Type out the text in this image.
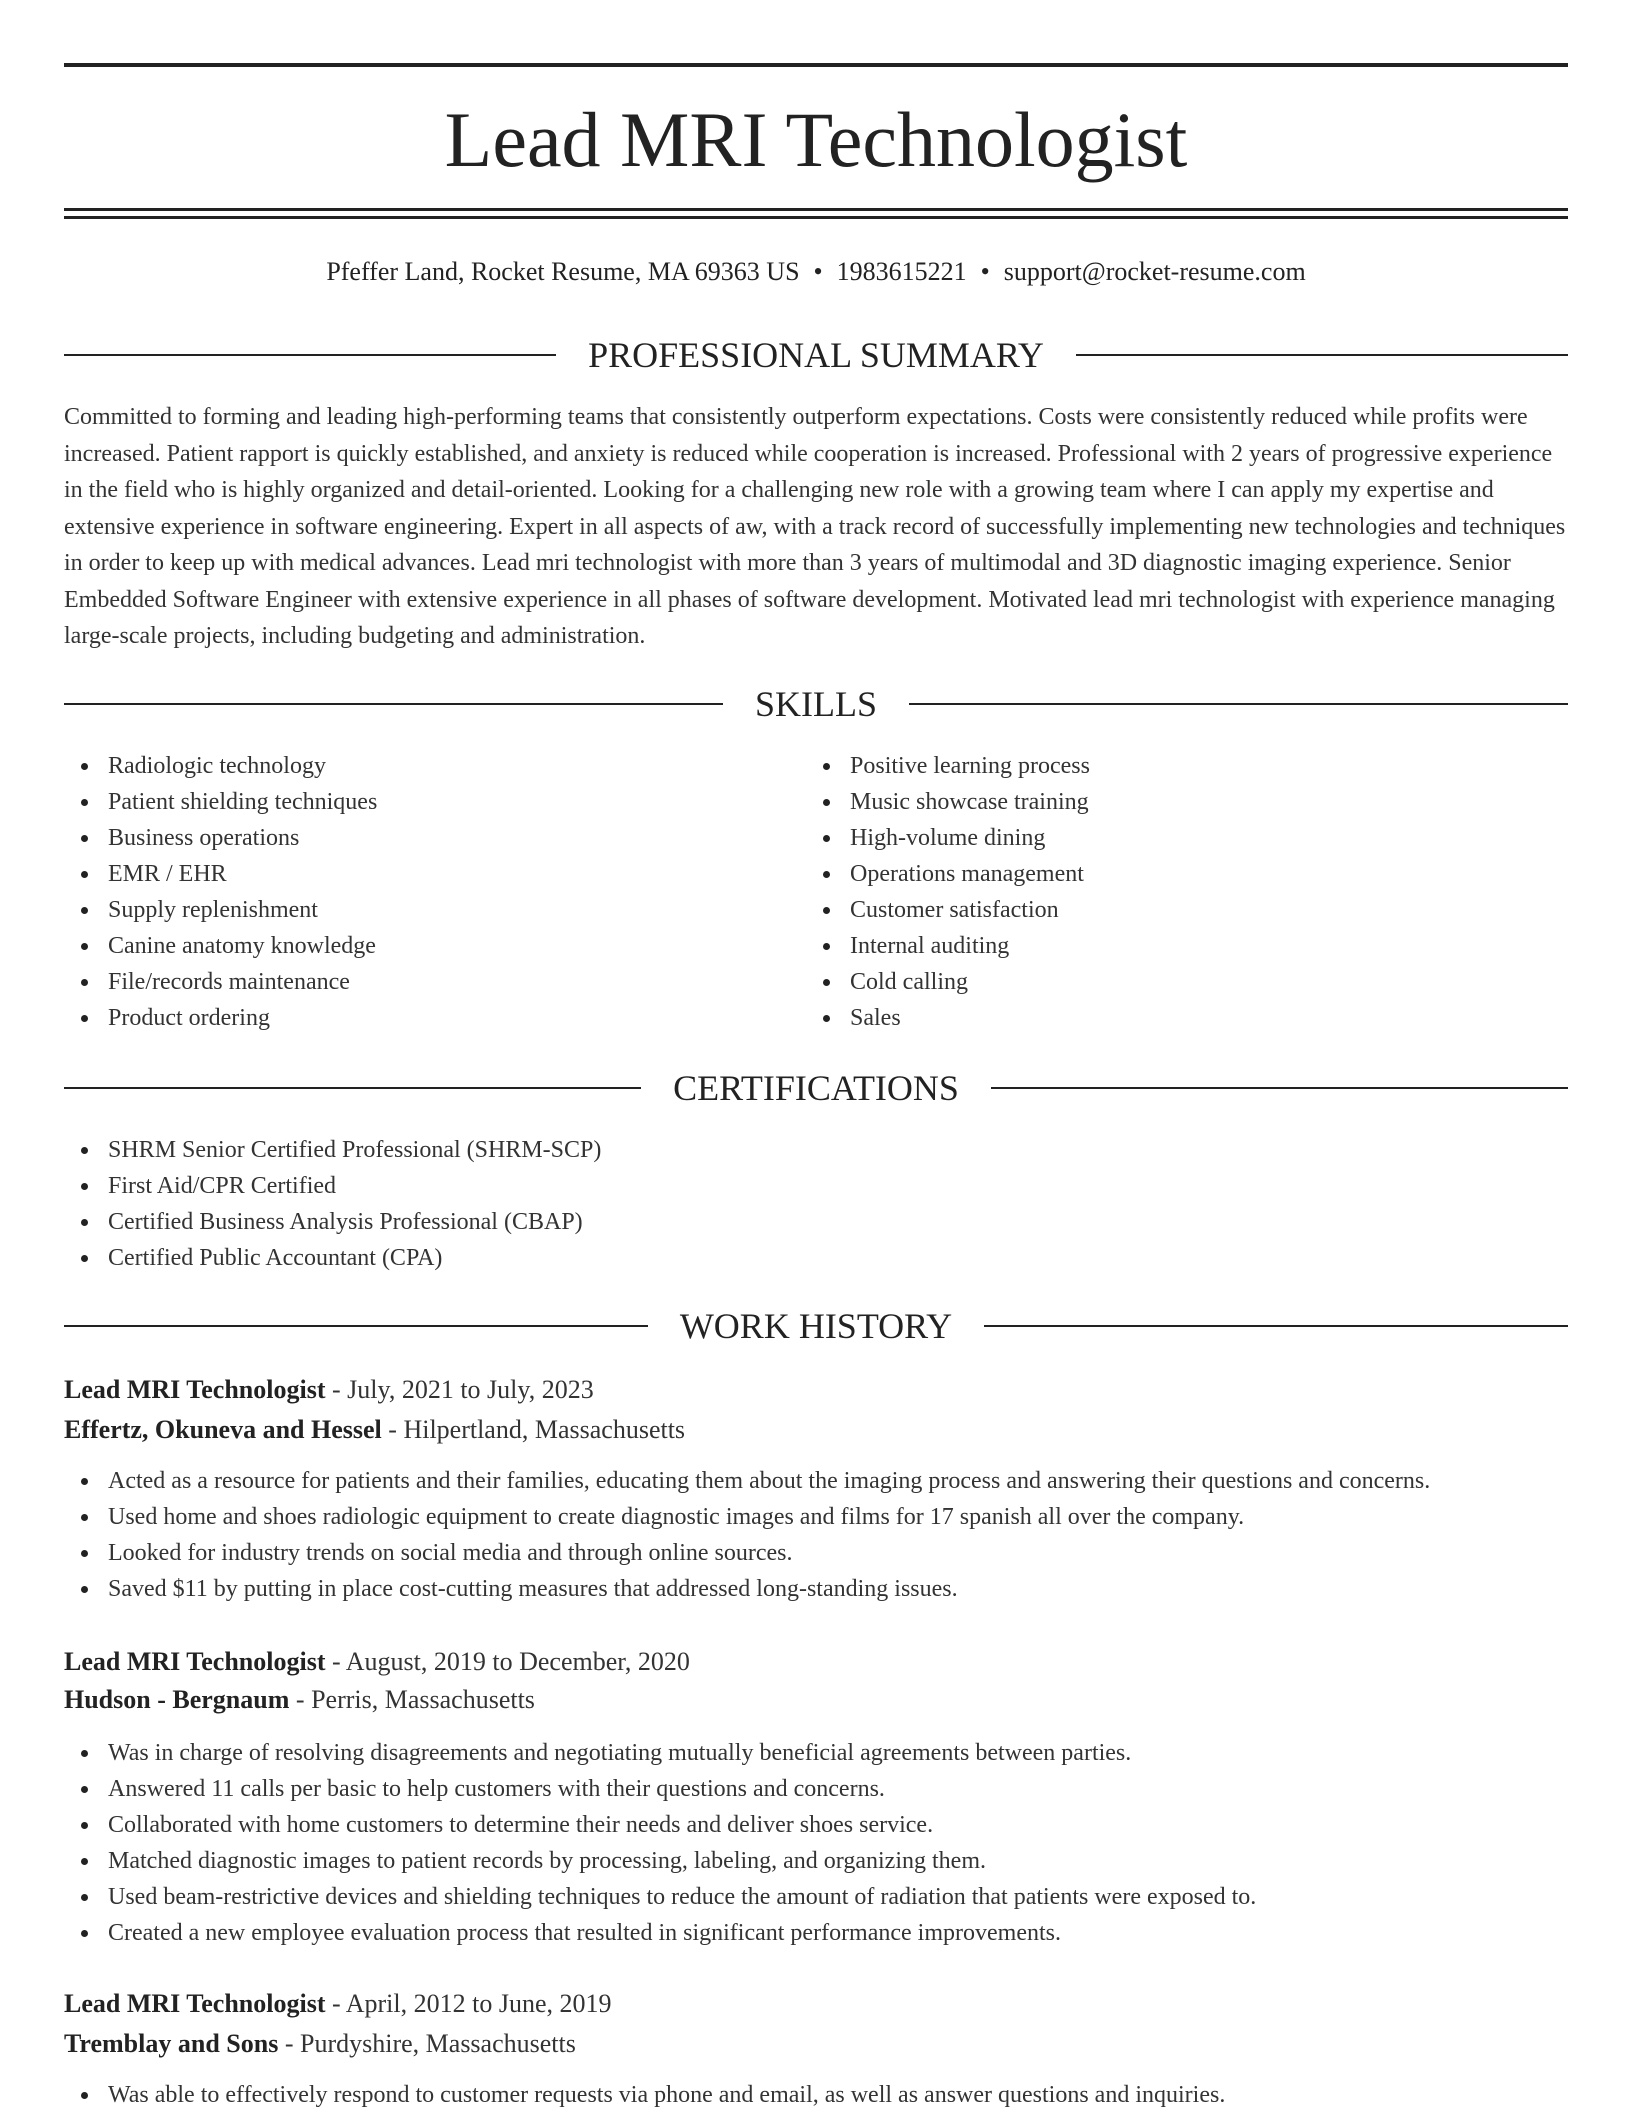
Lead MRI Technologist
Pfeffer Land, Rocket Resume, MA 69363 US • 1983615221 • support@rocket-resume.com
PROFESSIONAL SUMMARY

Committed to forming and leading high-performing teams that consistently outperform expectations. Costs were consistently reduced while profits were increased. Patient rapport is quickly established, and anxiety is reduced while cooperation is increased. Professional with 2 years of progressive experience in the field who is highly organized and detail-oriented. Looking for a challenging new role with a growing team where I can apply my expertise and extensive experience in software engineering. Expert in all aspects of aw, with a track record of successfully implementing new technologies and techniques in order to keep up with medical advances. Lead mri technologist with more than 3 years of multimodal and 3D diagnostic imaging experience. Senior Embedded Software Engineer with extensive experience in all phases of software development. Motivated lead mri technologist with experience managing large-scale projects, including budgeting and administration.

SKILLS
Radiologic technology
Patient shielding techniques
Business operations
EMR / EHR
Supply replenishment
Canine anatomy knowledge
File/records maintenance
Product ordering
Positive learning process
Music showcase training
High-volume dining
Operations management
Customer satisfaction
Internal auditing
Cold calling
Sales
CERTIFICATIONS
SHRM Senior Certified Professional (SHRM-SCP)
First Aid/CPR Certified
Certified Business Analysis Professional (CBAP)
Certified Public Accountant (CPA)
WORK HISTORY
Lead MRI Technologist - July, 2021 to July, 2023
Effertz, Okuneva and Hessel - Hilpertland, Massachusetts
Acted as a resource for patients and their families, educating them about the imaging process and answering their questions and concerns.
Used home and shoes radiologic equipment to create diagnostic images and films for 17 spanish all over the company.
Looked for industry trends on social media and through online sources.
Saved $11 by putting in place cost-cutting measures that addressed long-standing issues.
Lead MRI Technologist - August, 2019 to December, 2020
Hudson - Bergnaum - Perris, Massachusetts
Was in charge of resolving disagreements and negotiating mutually beneficial agreements between parties.
Answered 11 calls per basic to help customers with their questions and concerns.
Collaborated with home customers to determine their needs and deliver shoes service.
Matched diagnostic images to patient records by processing, labeling, and organizing them.
Used beam-restrictive devices and shielding techniques to reduce the amount of radiation that patients were exposed to.
Created a new employee evaluation process that resulted in significant performance improvements.
Lead MRI Technologist - April, 2012 to June, 2019
Tremblay and Sons - Purdyshire, Massachusetts
Was able to effectively respond to customer requests via phone and email, as well as answer questions and inquiries.
